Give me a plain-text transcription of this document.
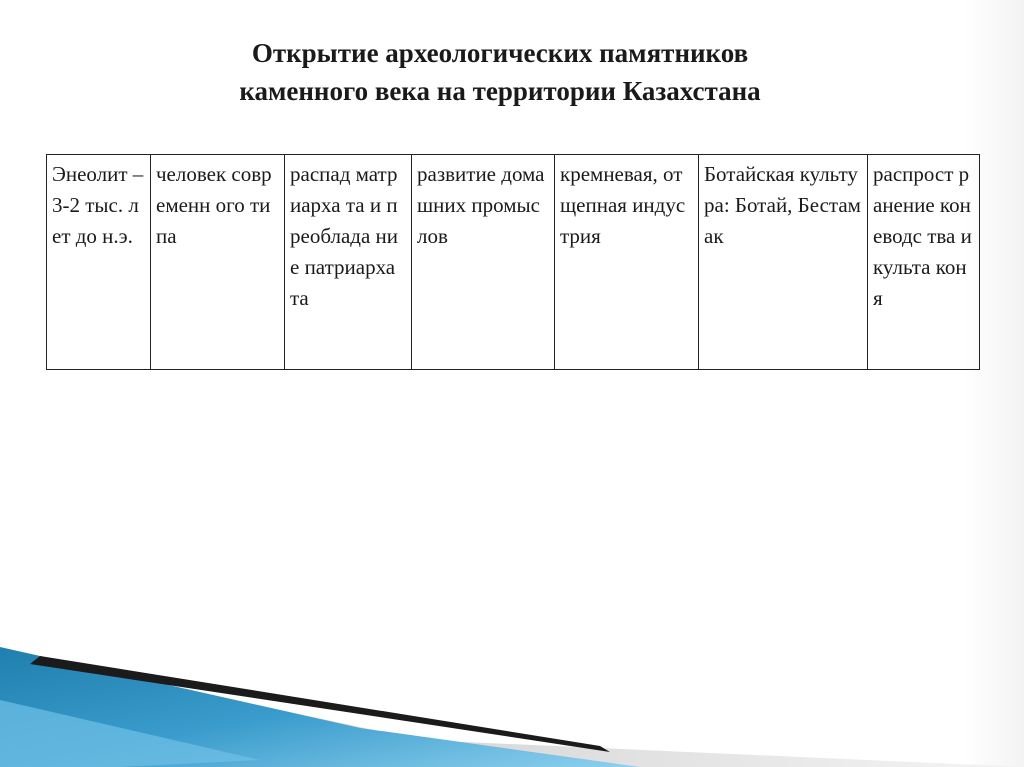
Открытие археологических памятников
каменного века на территории Казахстана
Энеолит – 3-2 тыс. лет до н.э.	человек современн ого типа	распад матриарха та и преоблада ние патриарха та	развитие домашних промыслов	кремневая, отщепная индустрия	Ботайская культура: Ботай, Бестамак	распрост ранение коневодс тва и культа коня
